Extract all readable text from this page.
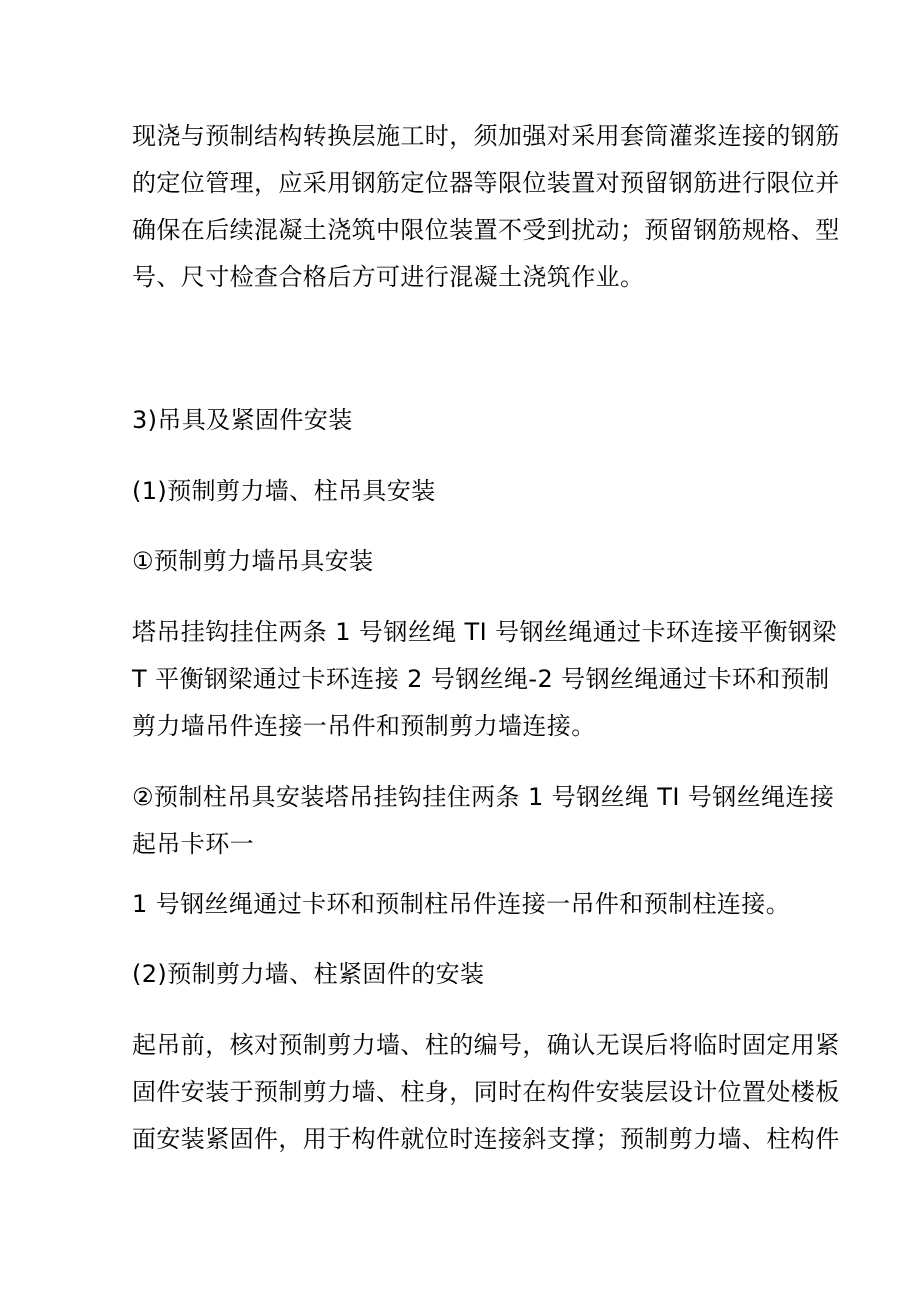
现浇与预制结构转换层施工时，须加强对采用套筒灌浆连接的钢筋
的定位管理，应采用钢筋定位器等限位装置对预留钢筋进行限位并
确保在后续混凝土浇筑中限位装置不受到扰动；预留钢筋规格、型
号、尺寸检查合格后方可进行混凝土浇筑作业。
3)吊具及紧固件安装
(1)预制剪力墙、柱吊具安装
①预制剪力墙吊具安装
塔吊挂钩挂住两条 1 号钢丝绳 TI 号钢丝绳通过卡环连接平衡钢梁
T 平衡钢梁通过卡环连接 2 号钢丝绳-2 号钢丝绳通过卡环和预制
剪力墙吊件连接一吊件和预制剪力墙连接。
②预制柱吊具安装塔吊挂钩挂住两条 1 号钢丝绳 TI 号钢丝绳连接
起吊卡环一
1 号钢丝绳通过卡环和预制柱吊件连接一吊件和预制柱连接。
(2)预制剪力墙、柱紧固件的安装
起吊前，核对预制剪力墙、柱的编号，确认无误后将临时固定用紧
固件安装于预制剪力墙、柱身，同时在构件安装层设计位置处楼板
面安装紧固件，用于构件就位时连接斜支撑；预制剪力墙、柱构件
